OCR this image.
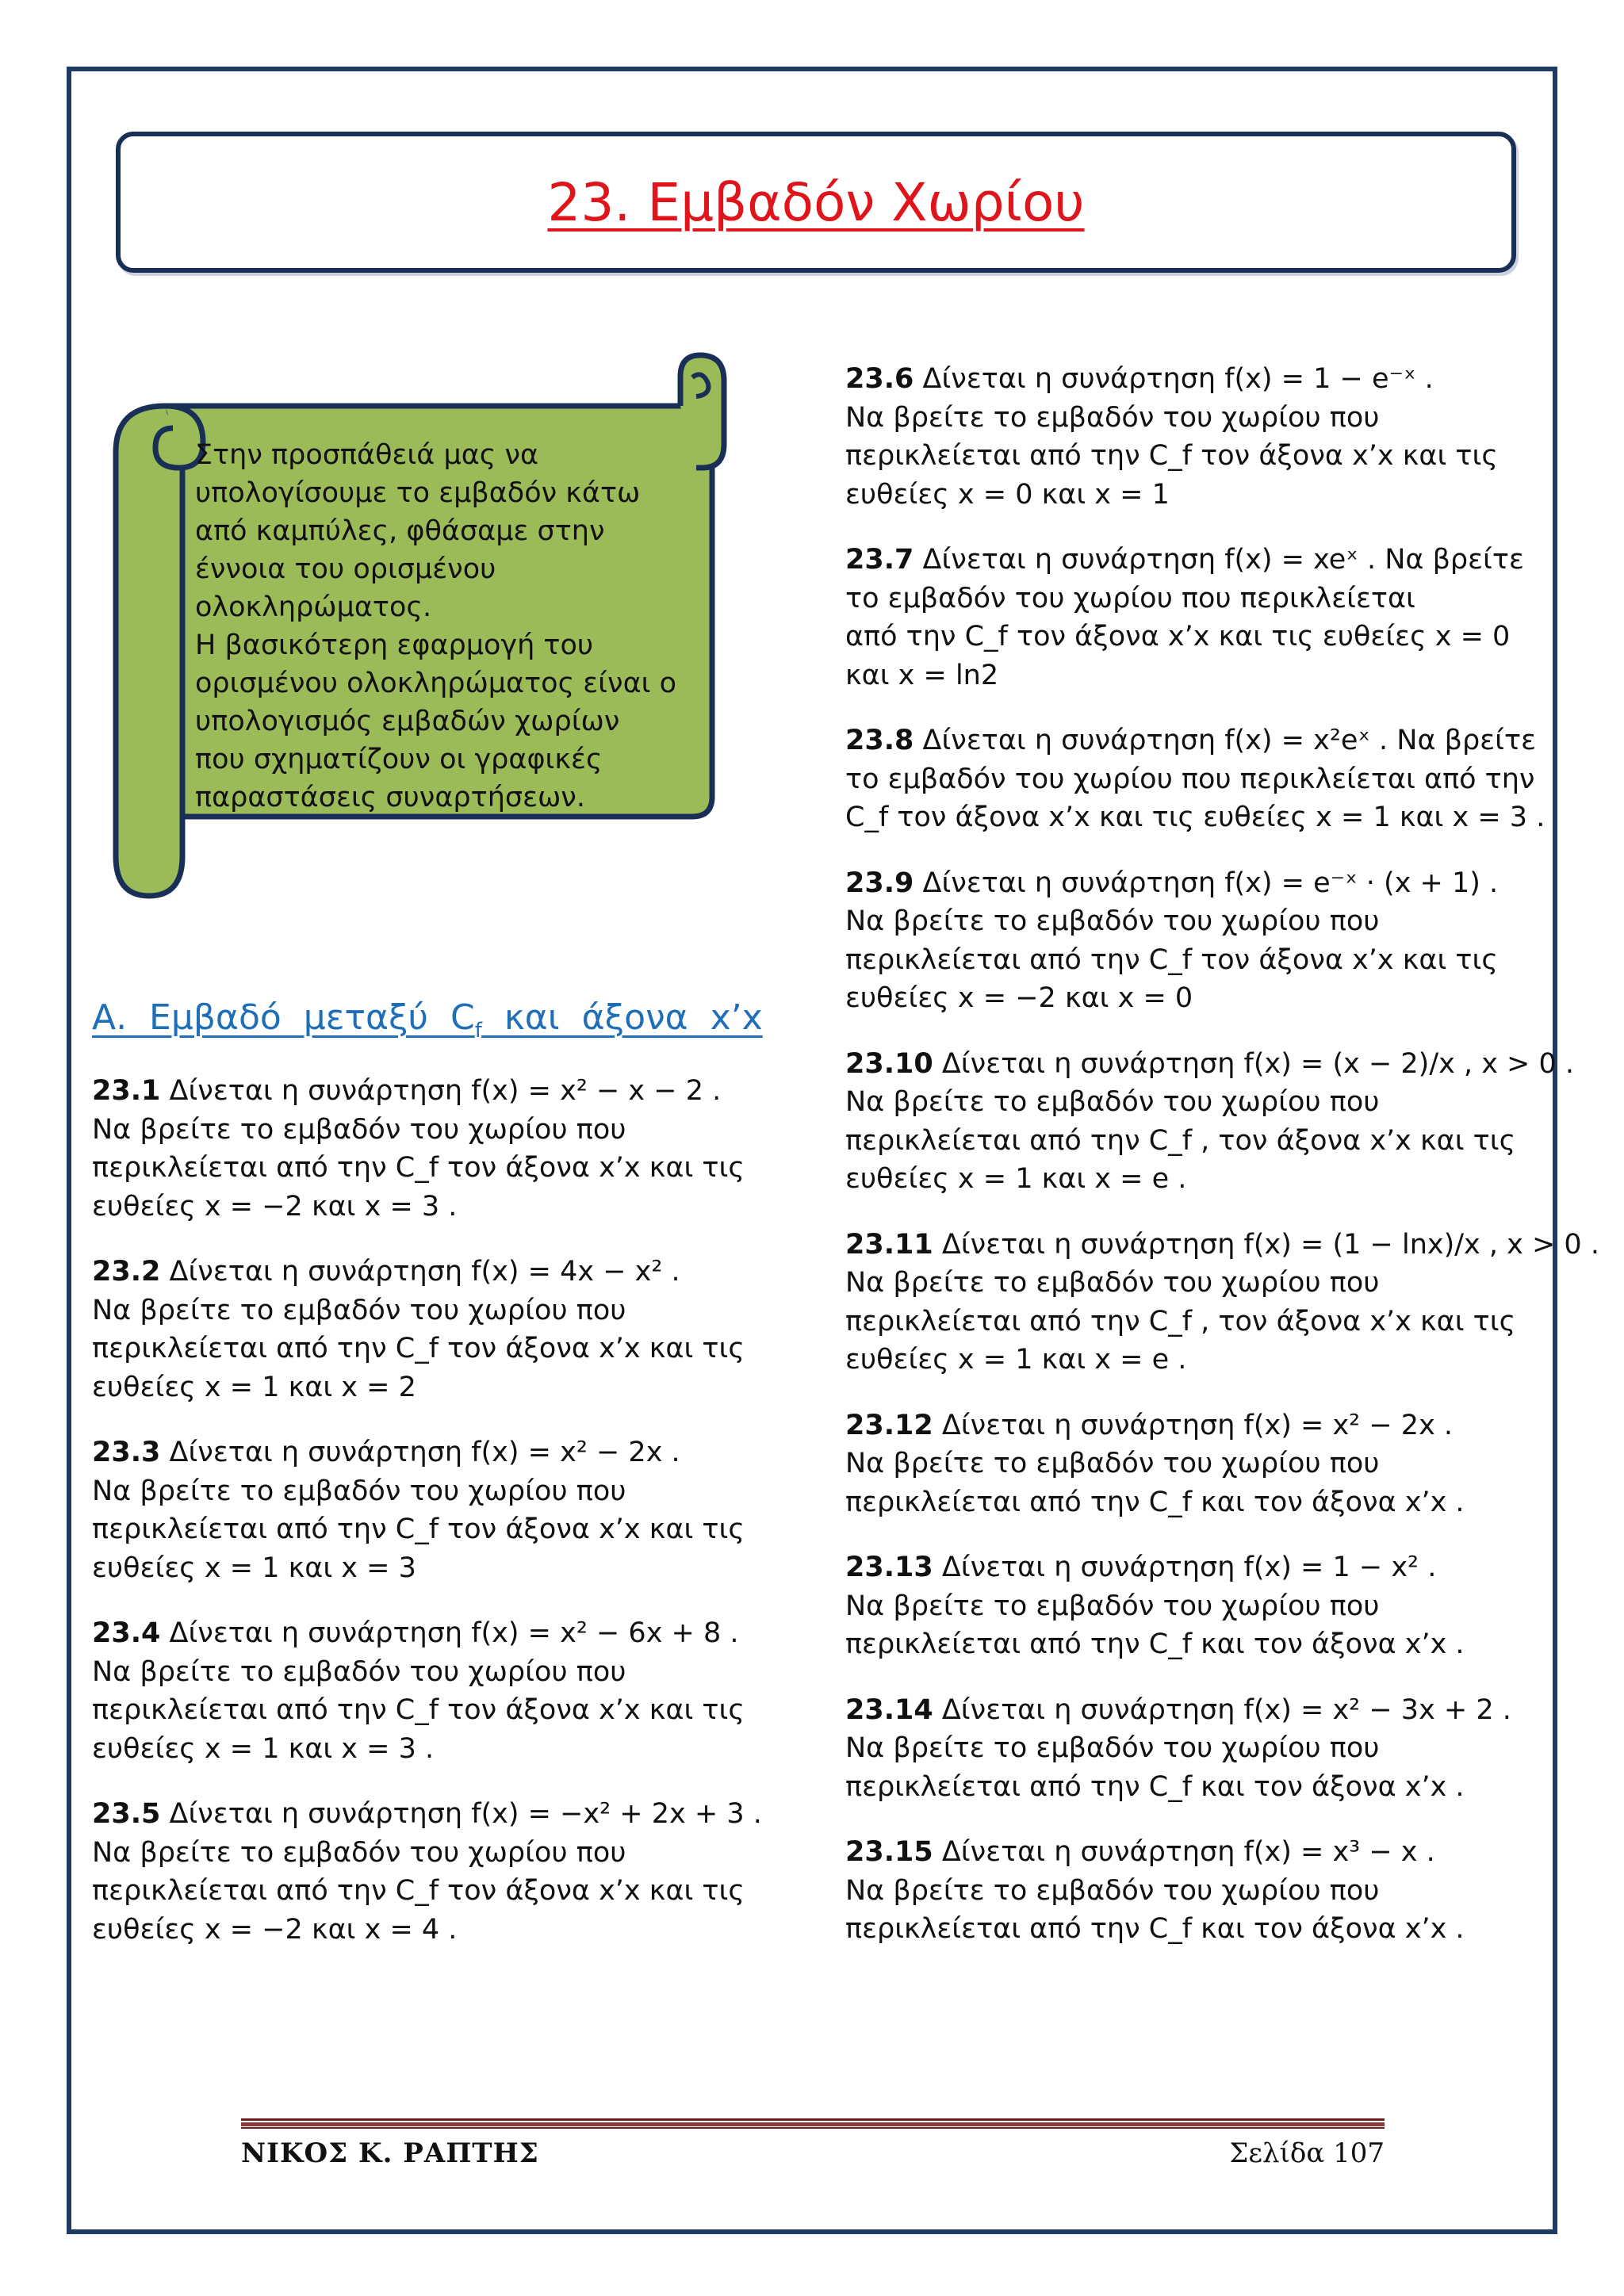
23. Εμβαδόν Χωρίου
Στην προσπάθειά μας να
υπολογίσουμε το εμβαδόν κάτω
από καμπύλες, φθάσαμε στην
έννοια του ορισμένου
ολοκληρώματος.
Η βασικότερη εφαρμογή του
ορισμένου ολοκληρώματος είναι ο
υπολογισμός εμβαδών χωρίων
που σχηματίζουν οι γραφικές
παραστάσεις συναρτήσεων.
Α.  Εμβαδό  μεταξύ  $C_f$  και  άξονα  x’x
23.1 Δίνεται η συνάρτηση f(x) = x² − x − 2 .
Να βρείτε το εμβαδόν του χωρίου που
περικλείεται από την C_f τον άξονα x’x και τις
ευθείες x = −2 και x = 3 .
23.2 Δίνεται η συνάρτηση f(x) = 4x − x² .
Να βρείτε το εμβαδόν του χωρίου που
περικλείεται από την C_f τον άξονα x’x και τις
ευθείες x = 1 και x = 2
23.3 Δίνεται η συνάρτηση f(x) = x² − 2x .
Να βρείτε το εμβαδόν του χωρίου που
περικλείεται από την C_f τον άξονα x’x και τις
ευθείες x = 1 και x = 3
23.4 Δίνεται η συνάρτηση f(x) = x² − 6x + 8 .
Να βρείτε το εμβαδόν του χωρίου που
περικλείεται από την C_f τον άξονα x’x και τις
ευθείες x = 1 και x = 3 .
23.5 Δίνεται η συνάρτηση f(x) = −x² + 2x + 3 .
Να βρείτε το εμβαδόν του χωρίου που
περικλείεται από την C_f τον άξονα x’x και τις
ευθείες x = −2 και x = 4 .
23.6 Δίνεται η συνάρτηση f(x) = 1 − e⁻ˣ .
Να βρείτε το εμβαδόν του χωρίου που
περικλείεται από την C_f τον άξονα x’x και τις
ευθείες x = 0 και x = 1
23.7 Δίνεται η συνάρτηση f(x) = xeˣ . Να βρείτε
το εμβαδόν του χωρίου που περικλείεται
από την C_f τον άξονα x’x και τις ευθείες x = 0
και x = ln2
23.8 Δίνεται η συνάρτηση f(x) = x²eˣ . Να βρείτε
το εμβαδόν του χωρίου που περικλείεται από την
C_f τον άξονα x’x και τις ευθείες x = 1 και x = 3 .
23.9 Δίνεται η συνάρτηση f(x) = e⁻ˣ · (x + 1) .
Να βρείτε το εμβαδόν του χωρίου που
περικλείεται από την C_f τον άξονα x’x και τις
ευθείες x = −2 και x = 0
23.10 Δίνεται η συνάρτηση f(x) = (x − 2)/x , x > 0 .
Να βρείτε το εμβαδόν του χωρίου που
περικλείεται από την C_f , τον άξονα x’x και τις
ευθείες x = 1 και x = e .
23.11 Δίνεται η συνάρτηση f(x) = (1 − lnx)/x , x > 0 .
Να βρείτε το εμβαδόν του χωρίου που
περικλείεται από την C_f , τον άξονα x’x και τις
ευθείες x = 1 και x = e .
23.12 Δίνεται η συνάρτηση f(x) = x² − 2x .
Να βρείτε το εμβαδόν του χωρίου που
περικλείεται από την C_f και τον άξονα x’x .
23.13 Δίνεται η συνάρτηση f(x) = 1 − x² .
Να βρείτε το εμβαδόν του χωρίου που
περικλείεται από την C_f και τον άξονα x’x .
23.14 Δίνεται η συνάρτηση f(x) = x² − 3x + 2 .
Να βρείτε το εμβαδόν του χωρίου που
περικλείεται από την C_f και τον άξονα x’x .
23.15 Δίνεται η συνάρτηση f(x) = x³ − x .
Να βρείτε το εμβαδόν του χωρίου που
περικλείεται από την C_f και τον άξονα x’x .
ΝΙΚΟΣ Κ. ΡΑΠΤΗΣ	Σελίδα 107
